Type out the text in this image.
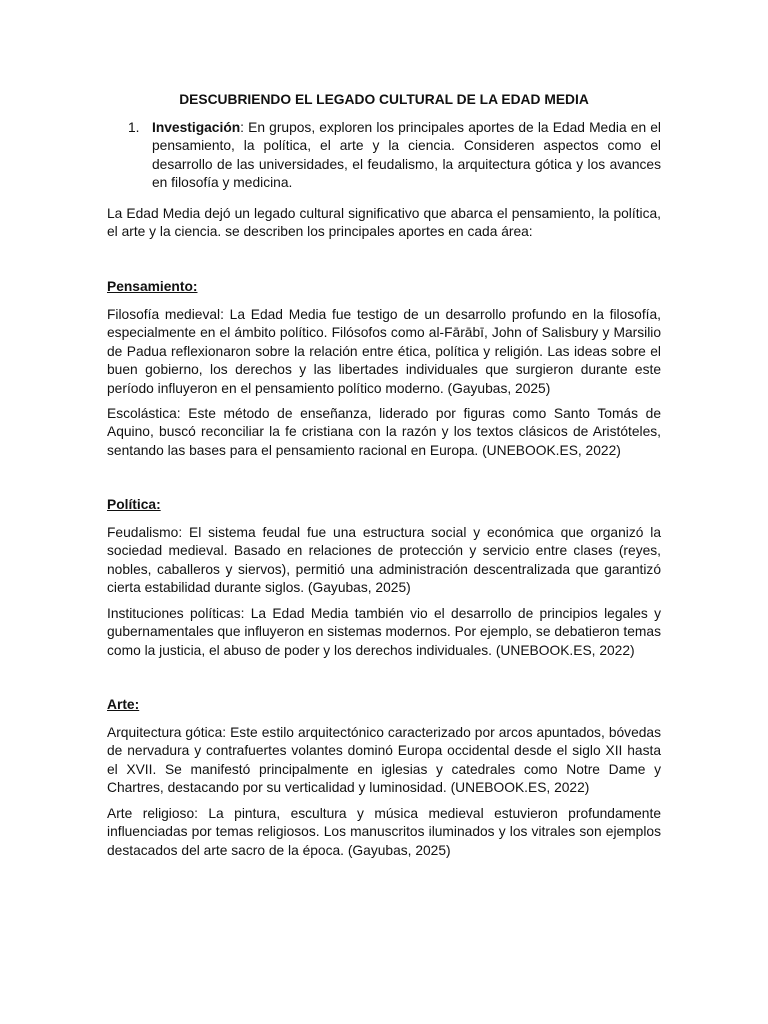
DESCUBRIENDO EL LEGADO CULTURAL DE LA EDAD MEDIA
1. Investigación: En grupos, exploren los principales aportes de la Edad Media en el pensamiento, la política, el arte y la ciencia. Consideren aspectos como el desarrollo de las universidades, el feudalismo, la arquitectura gótica y los avances en filosofía y medicina.
La Edad Media dejó un legado cultural significativo que abarca el pensamiento, la política, el arte y la ciencia. se describen los principales aportes en cada área:
Pensamiento:
Filosofía medieval: La Edad Media fue testigo de un desarrollo profundo en la filosofía, especialmente en el ámbito político. Filósofos como al-Fārābī, John of Salisbury y Marsilio de Padua reflexionaron sobre la relación entre ética, política y religión. Las ideas sobre el buen gobierno, los derechos y las libertades individuales que surgieron durante este período influyeron en el pensamiento político moderno. (Gayubas, 2025)
Escolástica: Este método de enseñanza, liderado por figuras como Santo Tomás de Aquino, buscó reconciliar la fe cristiana con la razón y los textos clásicos de Aristóteles, sentando las bases para el pensamiento racional en Europa. (UNEBOOK.ES, 2022)
Política:
Feudalismo: El sistema feudal fue una estructura social y económica que organizó la sociedad medieval. Basado en relaciones de protección y servicio entre clases (reyes, nobles, caballeros y siervos), permitió una administración descentralizada que garantizó cierta estabilidad durante siglos. (Gayubas, 2025)
Instituciones políticas: La Edad Media también vio el desarrollo de principios legales y gubernamentales que influyeron en sistemas modernos. Por ejemplo, se debatieron temas como la justicia, el abuso de poder y los derechos individuales. (UNEBOOK.ES, 2022)
Arte:
Arquitectura gótica: Este estilo arquitectónico caracterizado por arcos apuntados, bóvedas de nervadura y contrafuertes volantes dominó Europa occidental desde el siglo XII hasta el XVII. Se manifestó principalmente en iglesias y catedrales como Notre Dame y Chartres, destacando por su verticalidad y luminosidad. (UNEBOOK.ES, 2022)
Arte religioso: La pintura, escultura y música medieval estuvieron profundamente influenciadas por temas religiosos. Los manuscritos iluminados y los vitrales son ejemplos destacados del arte sacro de la época. (Gayubas, 2025)
